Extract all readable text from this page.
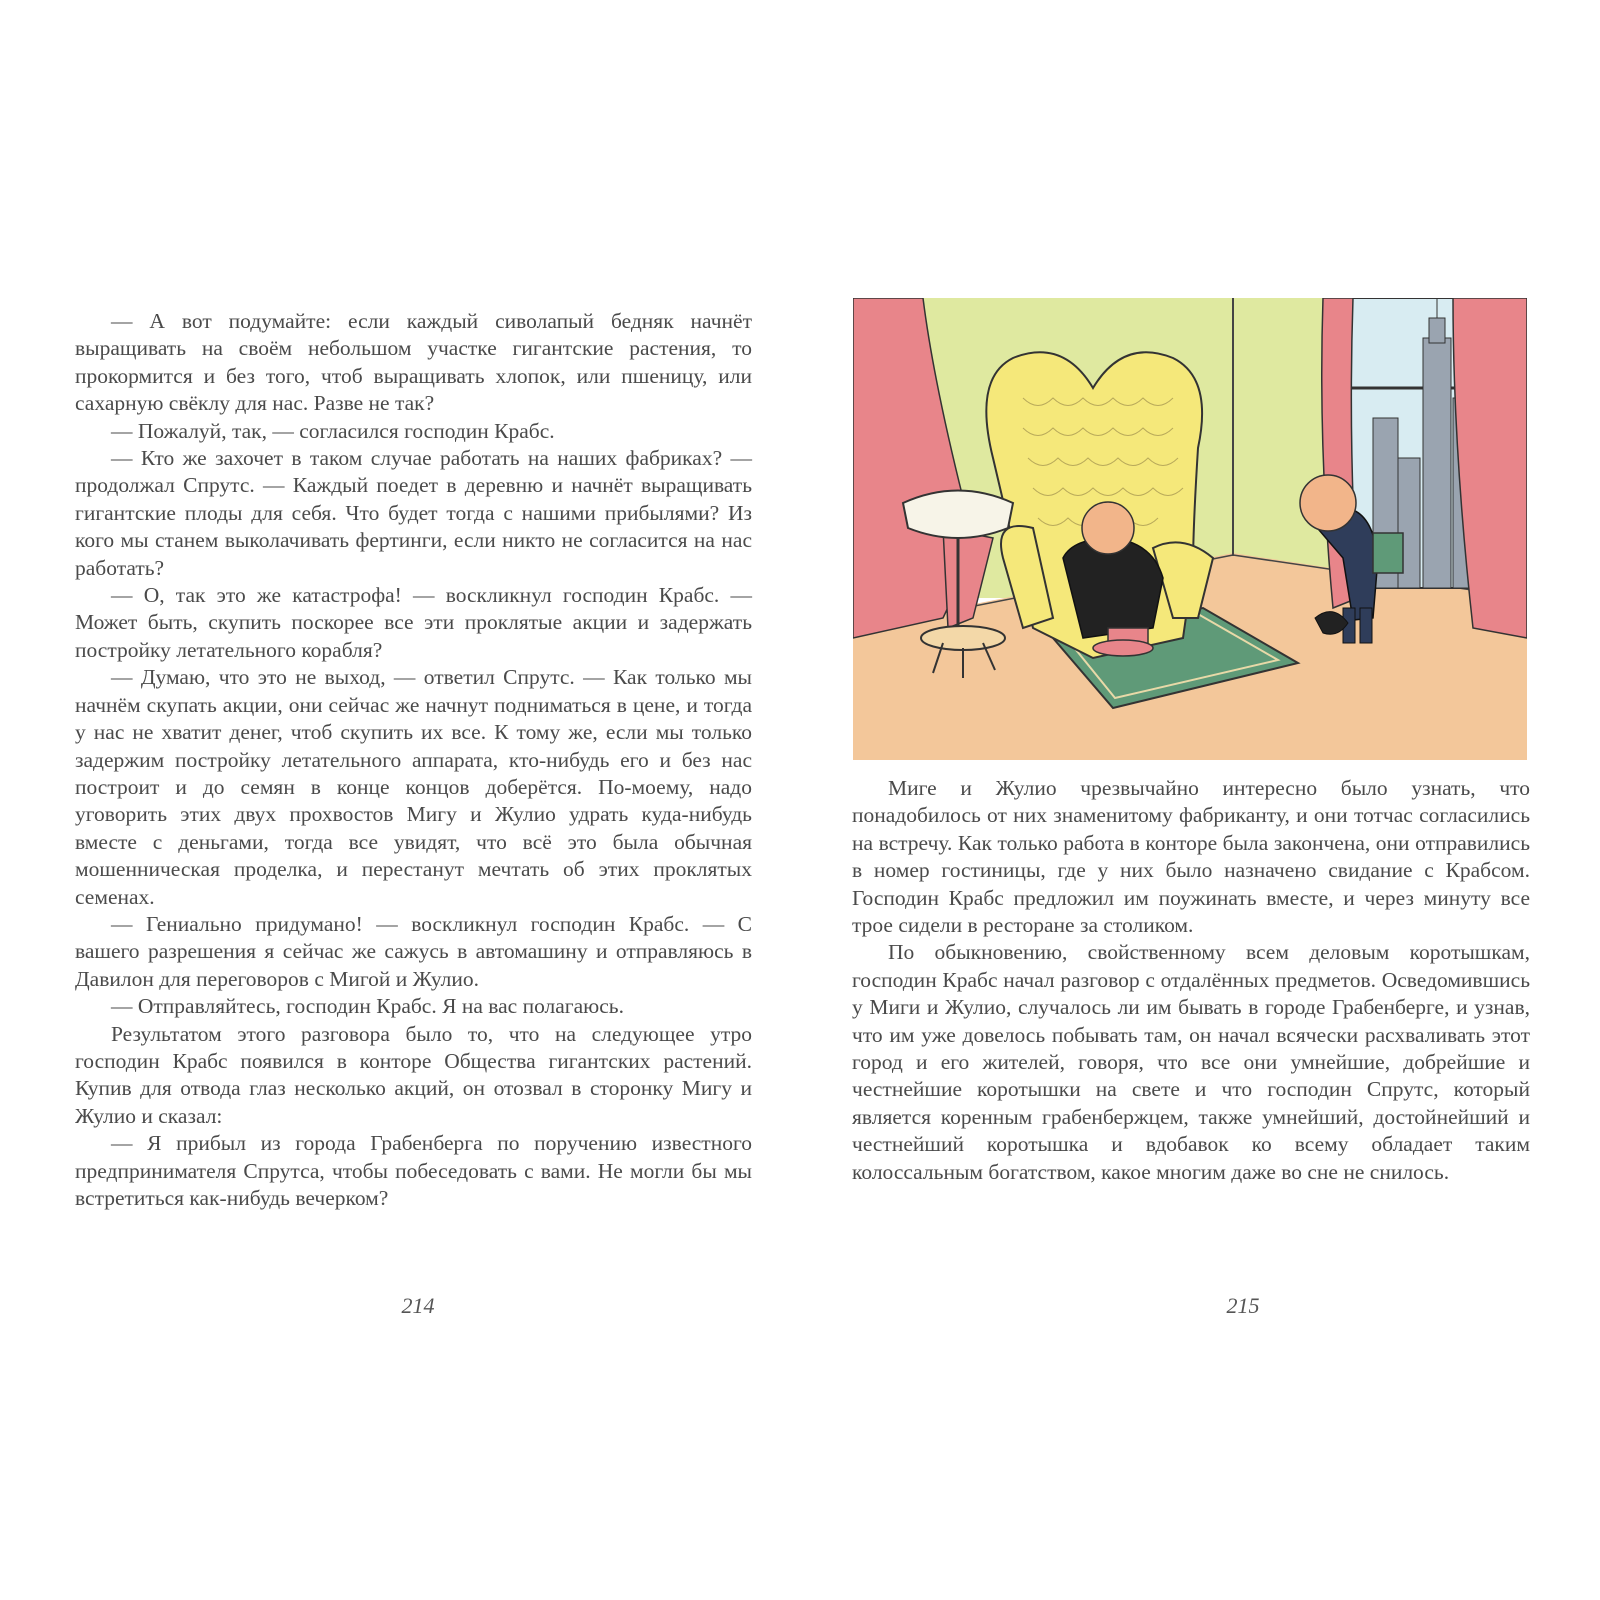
— А вот подумайте: если каждый сиволапый бедняк начнёт выращивать на своём небольшом участке гигантские растения, то прокормится и без того, чтоб выращивать хлопок, или пшеницу, или сахарную свёклу для нас. Разве не так?

— Пожалуй, так, — согласился господин Крабс.

— Кто же захочет в таком случае работать на наших фабриках? — продолжал Спрутс. — Каждый поедет в деревню и начнёт выращивать гигантские плоды для себя. Что будет тогда с нашими прибылями? Из кого мы станем выколачивать фертинги, если никто не согласится на нас работать?

— О, так это же катастрофа! — воскликнул господин Крабс. — Может быть, скупить поскорее все эти проклятые акции и задержать постройку летательного корабля?

— Думаю, что это не выход, — ответил Спрутс. — Как только мы начнём скупать акции, они сейчас же начнут подниматься в цене, и тогда у нас не хватит денег, чтоб скупить их все. К тому же, если мы только задержим постройку летательного аппарата, кто-нибудь его и без нас построит и до семян в конце концов доберётся. По-моему, надо уговорить этих двух прохвостов Мигу и Жулио удрать куда-нибудь вместе с деньгами, тогда все увидят, что всё это была обычная мошенническая проделка, и перестанут мечтать об этих проклятых семенах.

— Гениально придумано! — воскликнул господин Крабс. — С вашего разрешения я сейчас же сажусь в автомашину и отправляюсь в Давилон для переговоров с Мигой и Жулио.

— Отправляйтесь, господин Крабс. Я на вас полагаюсь.

Результатом этого разговора было то, что на следующее утро господин Крабс появился в конторе Общества гигантских растений. Купив для отвода глаз несколько акций, он отозвал в сторонку Мигу и Жулио и сказал:

— Я прибыл из города Грабенберга по поручению известного предпринимателя Спрутса, чтобы побеседовать с вами. Не могли бы мы встретиться как-нибудь вечерком?

214

Миге и Жулио чрезвычайно интересно было узнать, что понадобилось от них знаменитому фабриканту, и они тотчас согласились на встречу. Как только работа в конторе была закончена, они отправились в номер гостиницы, где у них было назначено свидание с Крабсом. Господин Крабс предложил им поужинать вместе, и через минуту все трое сидели в ресторане за столиком.

По обыкновению, свойственному всем деловым коротышкам, господин Крабс начал разговор с отдалённых предметов. Осведомившись у Миги и Жулио, случалось ли им бывать в городе Грабенберге, и узнав, что им уже довелось побывать там, он начал всячески расхваливать этот город и его жителей, говоря, что все они умнейшие, добрейшие и честнейшие коротышки на свете и что господин Спрутс, который является коренным грабенбержцем, также умнейший, достойнейший и честнейший коротышка и вдобавок ко всему обладает таким колоссальным богатством, какое многим даже во сне не снилось.

215
